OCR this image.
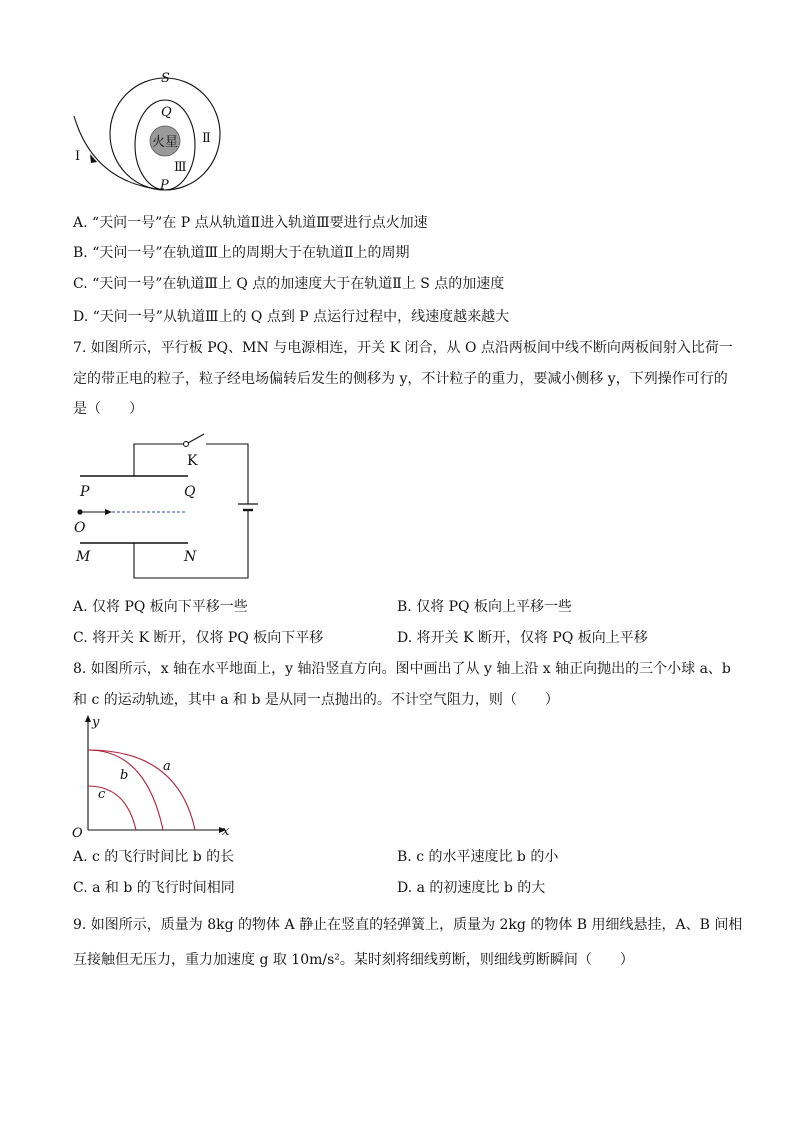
火星
S
Q
P
Ⅰ
Ⅱ
Ⅲ
A. “天问一号”在 P 点从轨道Ⅱ进入轨道Ⅲ要进行点火加速
B. “天问一号”在轨道Ⅲ上的周期大于在轨道Ⅱ上的周期
C. “天问一号”在轨道Ⅲ上 Q 点的加速度大于在轨道Ⅱ上 S 点的加速度
D. “天问一号”从轨道Ⅲ上的 Q 点到 P 点运行过程中，线速度越来越大
7. 如图所示，平行板 PQ、MN 与电源相连，开关 K 闭合，从 O 点沿两板间中线不断向两板间射入比荷一
定的带正电的粒子，粒子经电场偏转后发生的侧移为 y，不计粒子的重力，要减小侧移 y，下列操作可行的
是（　　）
K
P	Q
O
M	N
A. 仅将 PQ 板向下平移一些	B. 仅将 PQ 板向上平移一些
C. 将开关 K 断开，仅将 PQ 板向下平移	D. 将开关 K 断开，仅将 PQ 板向上平移
8. 如图所示，x 轴在水平地面上，y 轴沿竖直方向。图中画出了从 y 轴上沿 x 轴正向抛出的三个小球 a、b
和 c 的运动轨迹，其中 a 和 b 是从同一点抛出的。不计空气阻力，则（　　）
y
x
O
a
b
c
A. c 的飞行时间比 b 的长	B. c 的水平速度比 b 的小
C. a 和 b 的飞行时间相同	D. a 的初速度比 b 的大
9. 如图所示，质量为 8kg 的物体 A 静止在竖直的轻弹簧上，质量为 2kg 的物体 B 用细线悬挂，A、B 间相
互接触但无压力，重力加速度 g 取 10m/s²。某时刻将细线剪断，则细线剪断瞬间（　　）
